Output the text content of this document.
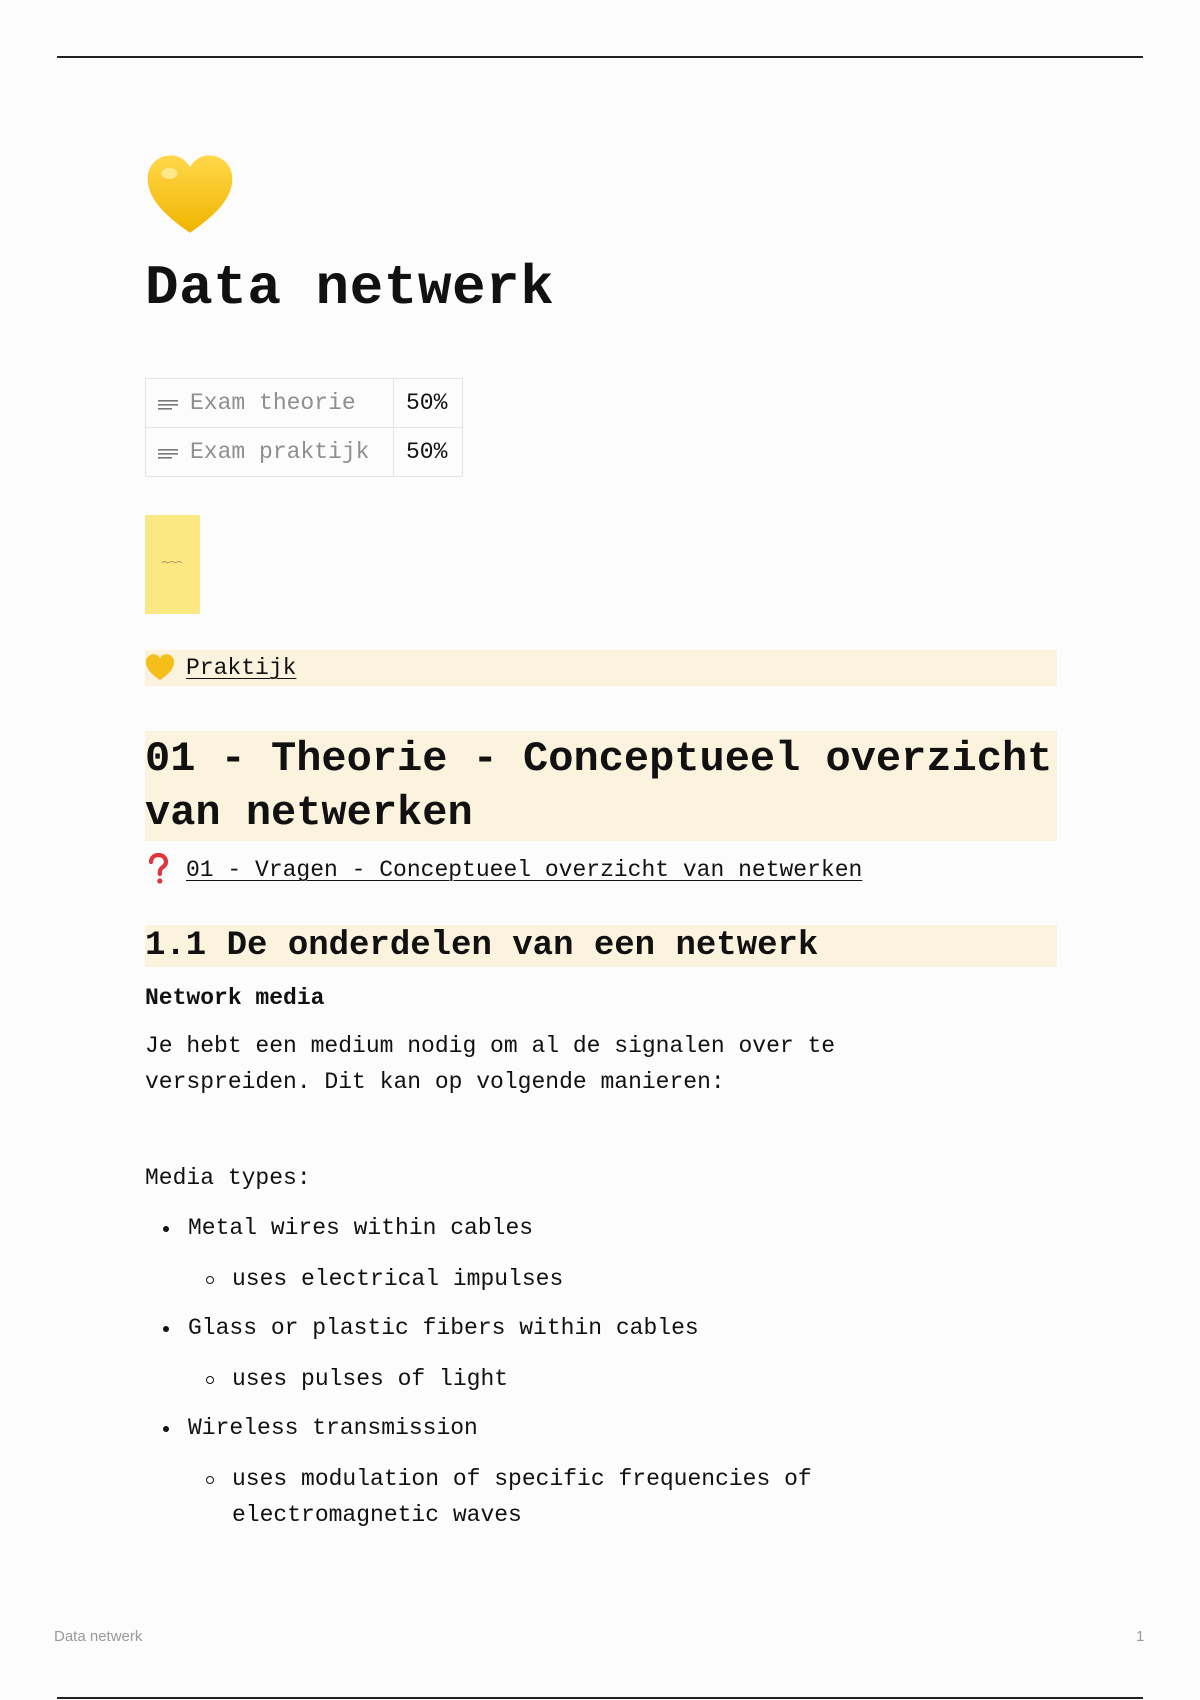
Data netwerk
Exam theorie	50%
Exam praktijk	50%
Praktijk
01 - Theorie - Conceptueel overzicht van netwerken
01 - Vragen - Conceptueel overzicht van netwerken
1.1 De onderdelen van een netwerk
Network media
Je hebt een medium nodig om al de signalen over te verspreiden. Dit kan op volgende manieren:
Media types:
Metal wires within cables
uses electrical impulses
Glass or plastic fibers within cables
uses pulses of light
Wireless transmission
uses modulation of specific frequencies of electromagnetic waves
Data netwerk	1
